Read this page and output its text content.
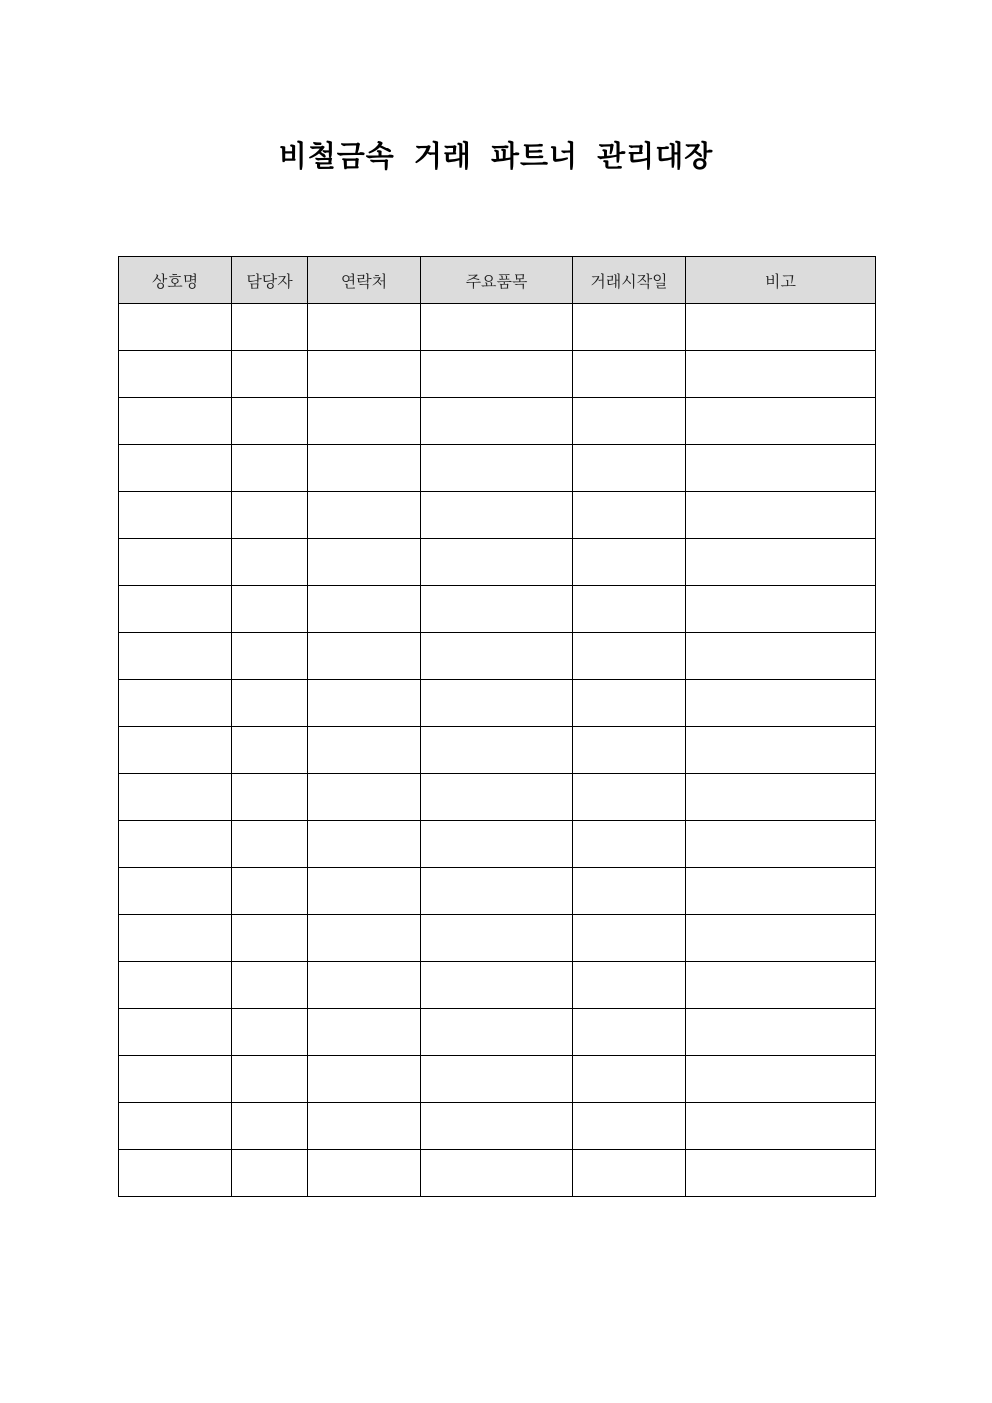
비철금속 거래 파트너 관리대장
상호명	담당자	연락처	주요품목	거래시작일	비고
